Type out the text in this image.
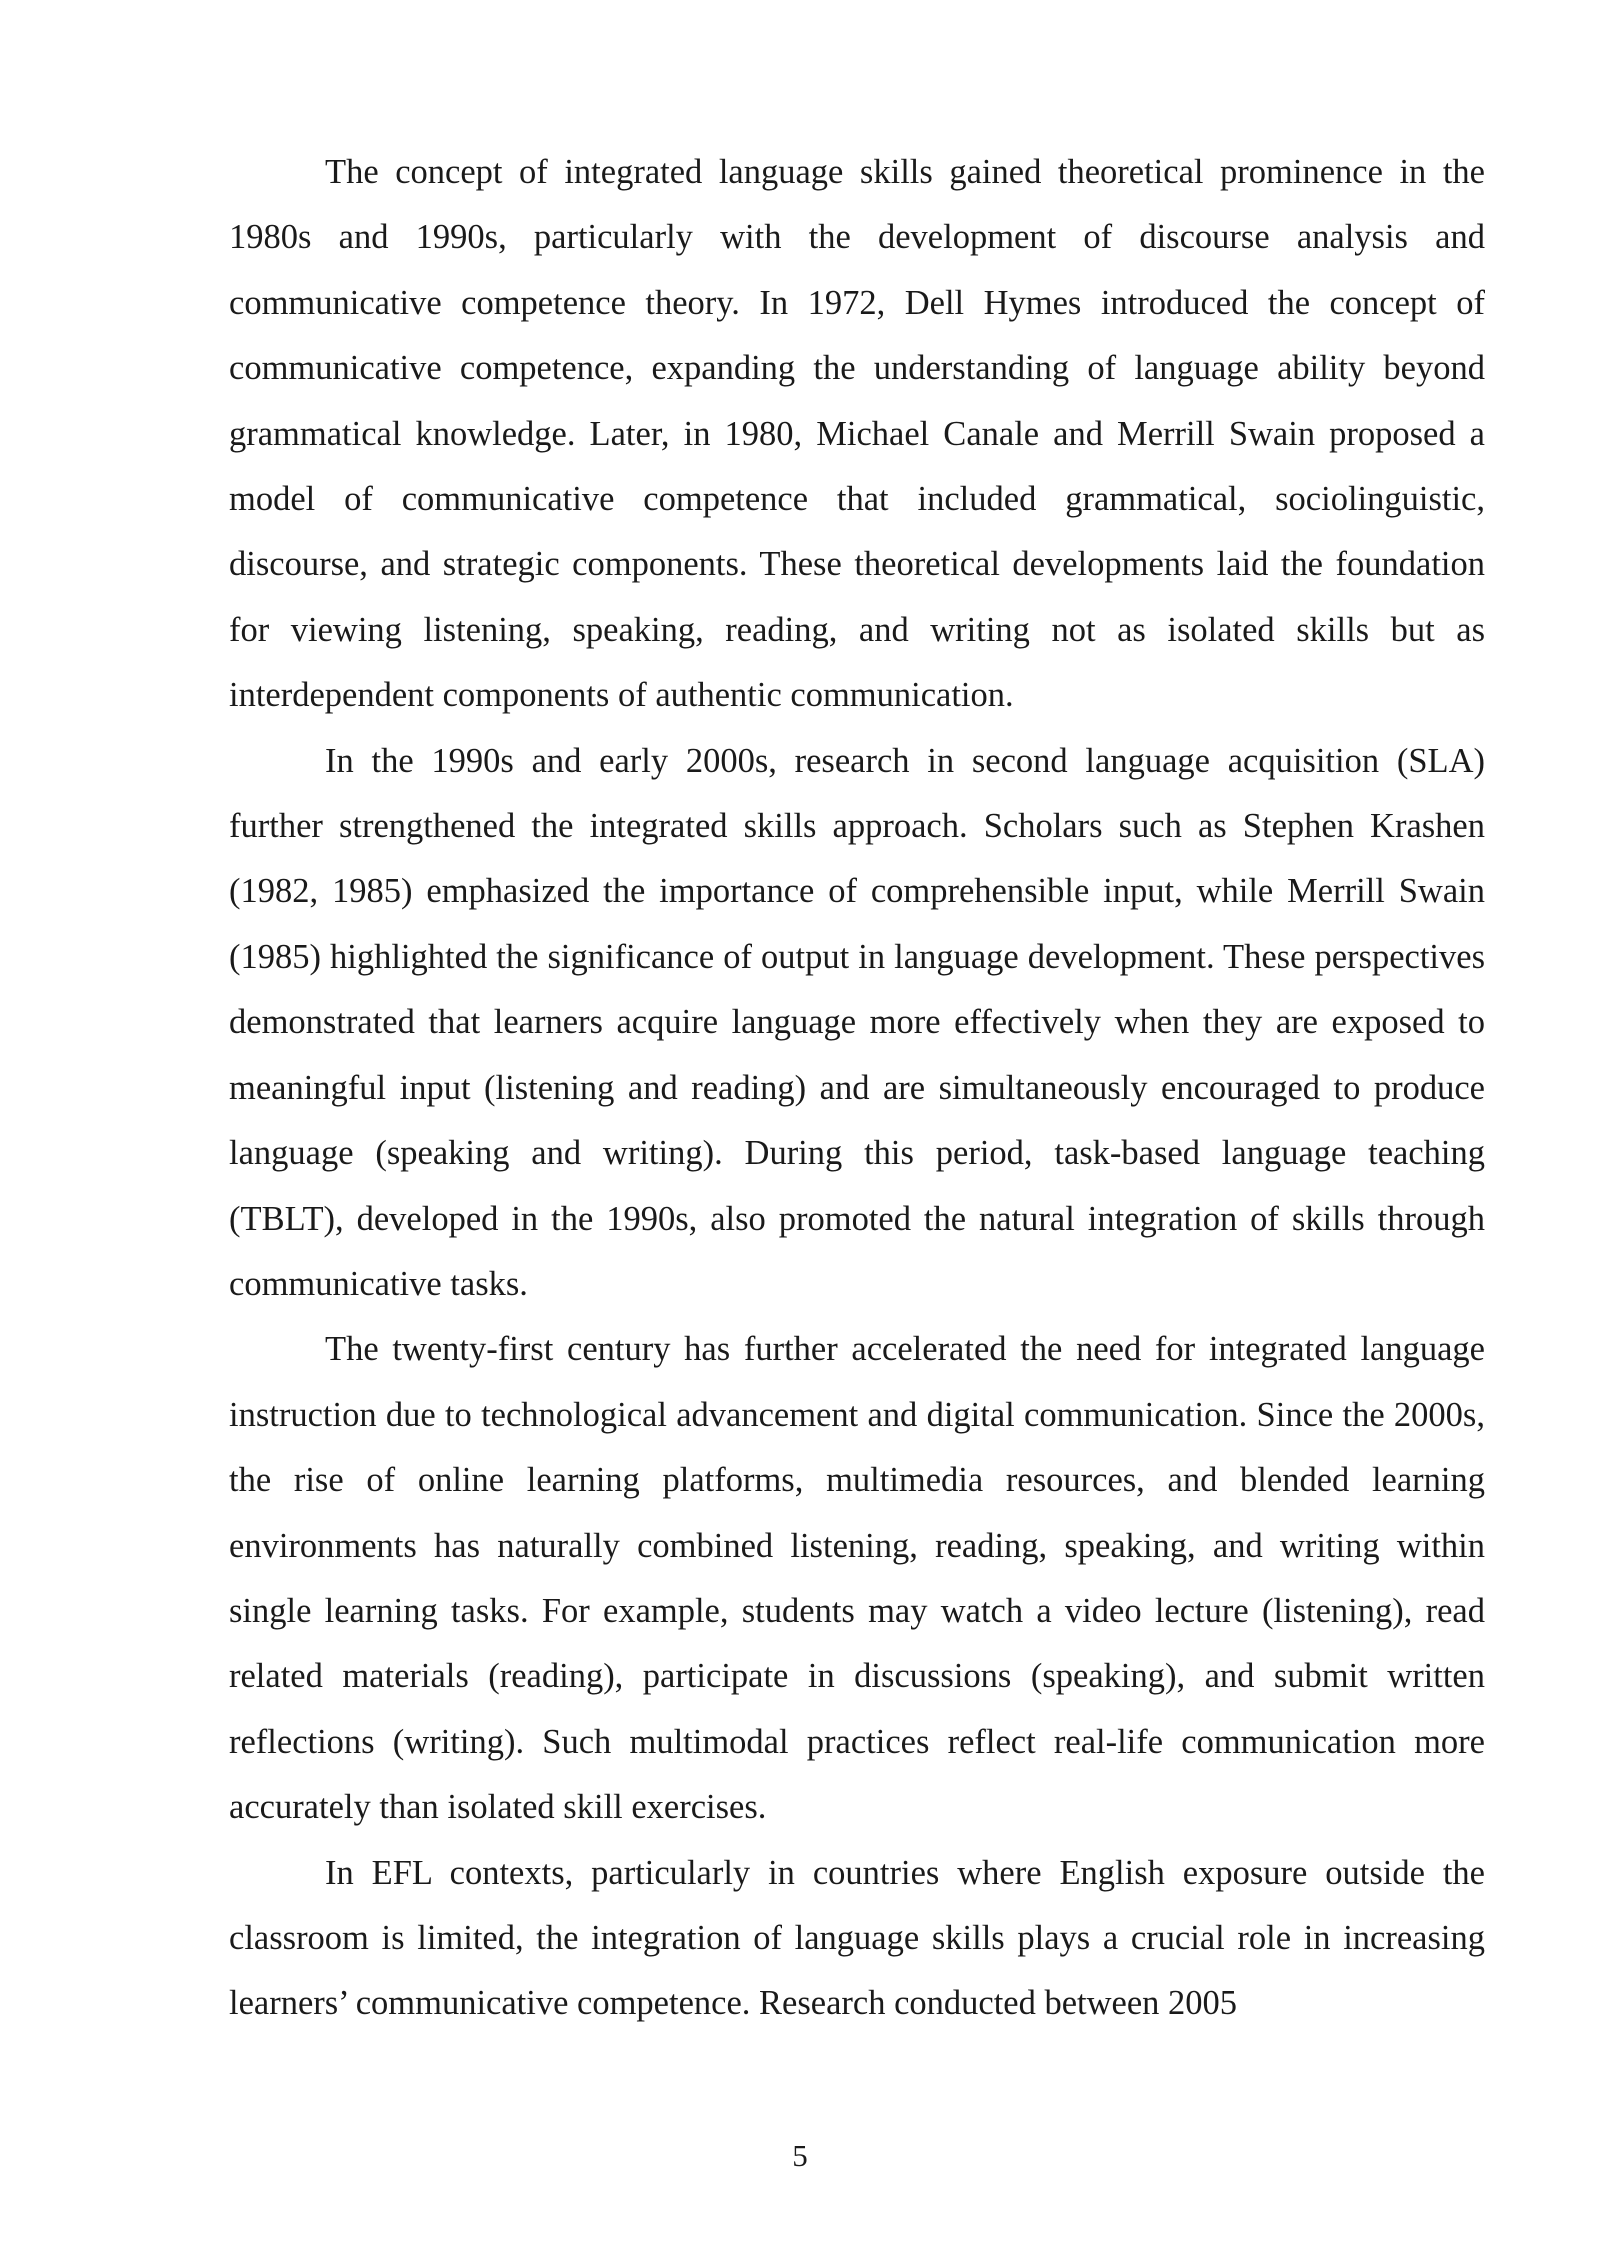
The concept of integrated language skills gained theoretical prominence in the 1980s and 1990s, particularly with the development of discourse analysis and communicative competence theory. In 1972, Dell Hymes introduced the concept of communicative competence, expanding the understanding of language ability beyond grammatical knowledge. Later, in 1980, Michael Canale and Merrill Swain proposed a model of communicative competence that included grammatical, sociolinguistic, discourse, and strategic components. These theoretical developments laid the foundation for viewing listening, speaking, reading, and writing not as isolated skills but as interdependent components of authentic communication.

In the 1990s and early 2000s, research in second language acquisition (SLA) further strengthened the integrated skills approach. Scholars such as Stephen Krashen (1982, 1985) emphasized the importance of comprehensible input, while Merrill Swain (1985) highlighted the significance of output in language development. These perspectives demonstrated that learners acquire language more effectively when they are exposed to meaningful input (listening and reading) and are simultaneously encouraged to produce language (speaking and writing). During this period, task-based language teaching (TBLT), developed in the 1990s, also promoted the natural integration of skills through communicative tasks.

The twenty-first century has further accelerated the need for integrated language instruction due to technological advancement and digital communication. Since the 2000s, the rise of online learning platforms, multimedia resources, and blended learning environments has naturally combined listening, reading, speaking, and writing within single learning tasks. For example, students may watch a video lecture (listening), read related materials (reading), participate in discussions (speaking), and submit written reflections (writing). Such multimodal practices reflect real-life communication more accurately than isolated skill exercises.

In EFL contexts, particularly in countries where English exposure outside the classroom is limited, the integration of language skills plays a crucial role in increasing learners’ communicative competence. Research conducted between 2005

5
